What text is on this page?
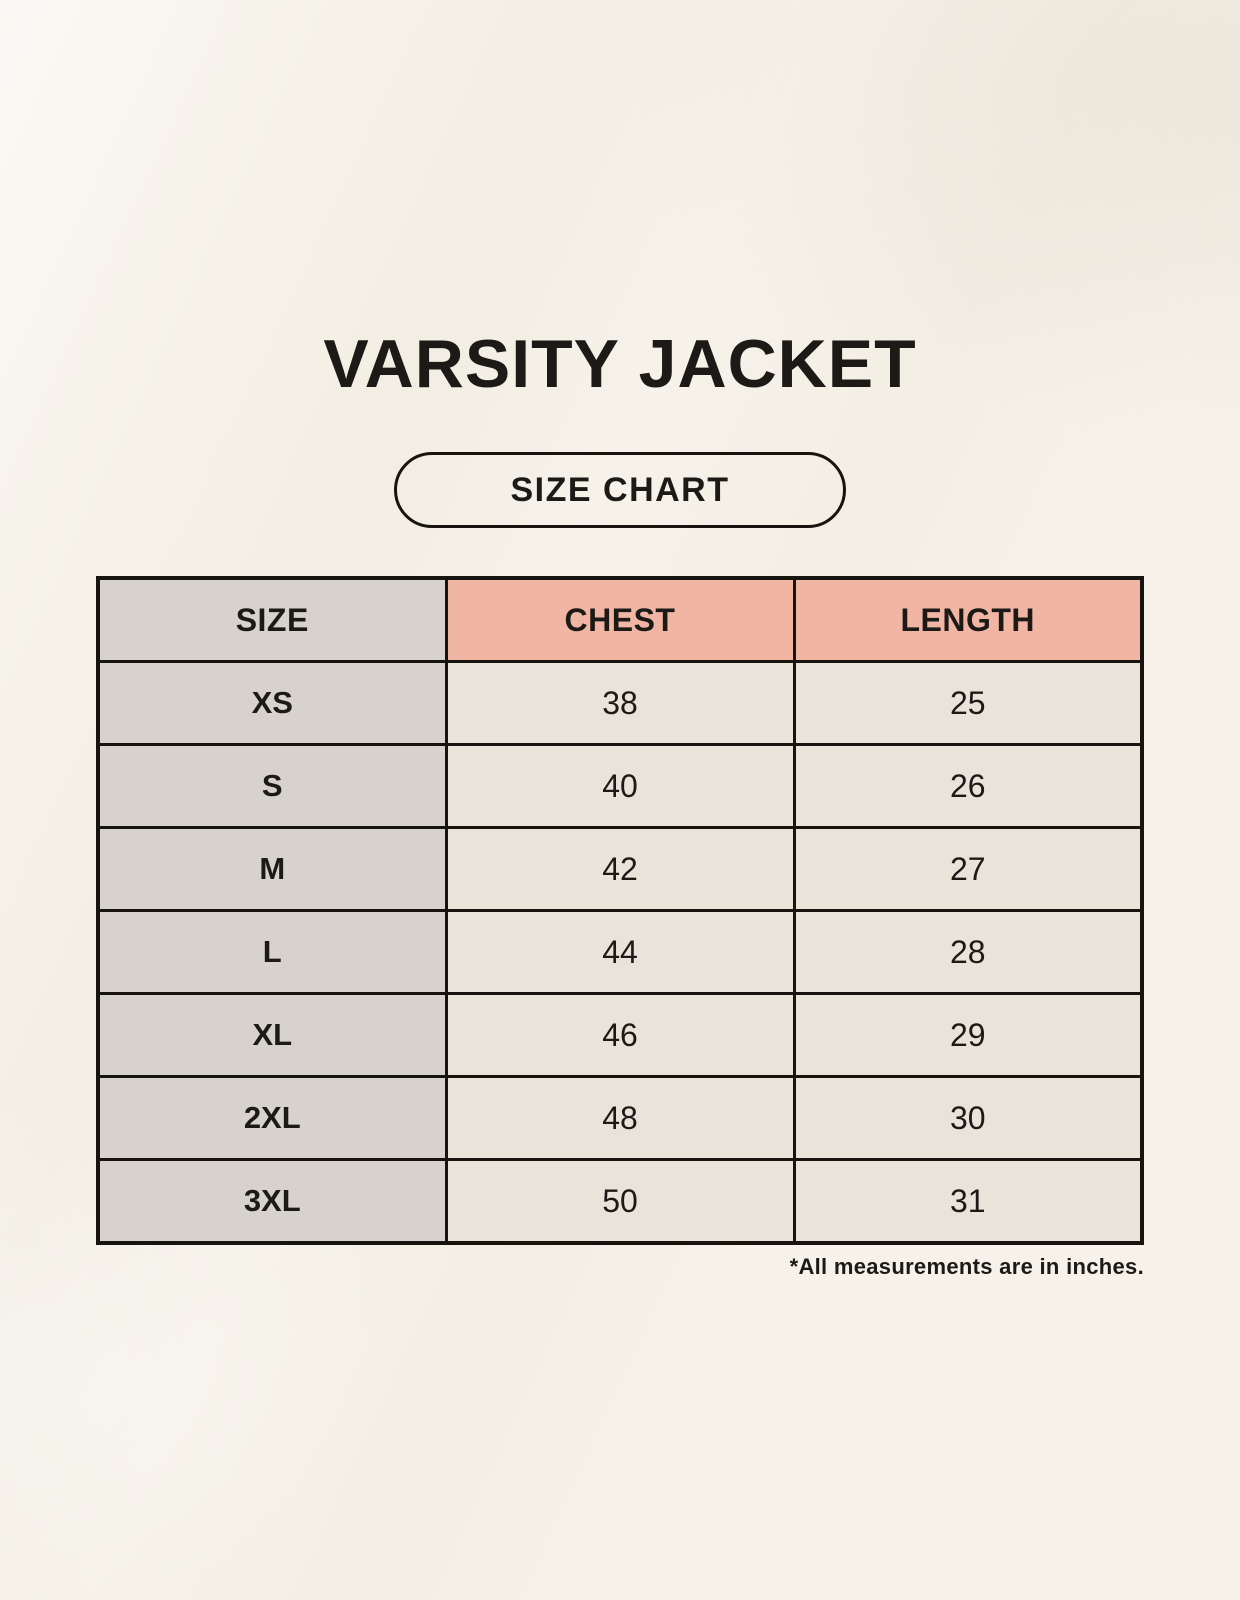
VARSITY JACKET
SIZE CHART
SIZE	CHEST	LENGTH
XS	38	25
S	40	26
M	42	27
L	44	28
XL	46	29
2XL	48	30
3XL	50	31
*All measurements are in inches.
